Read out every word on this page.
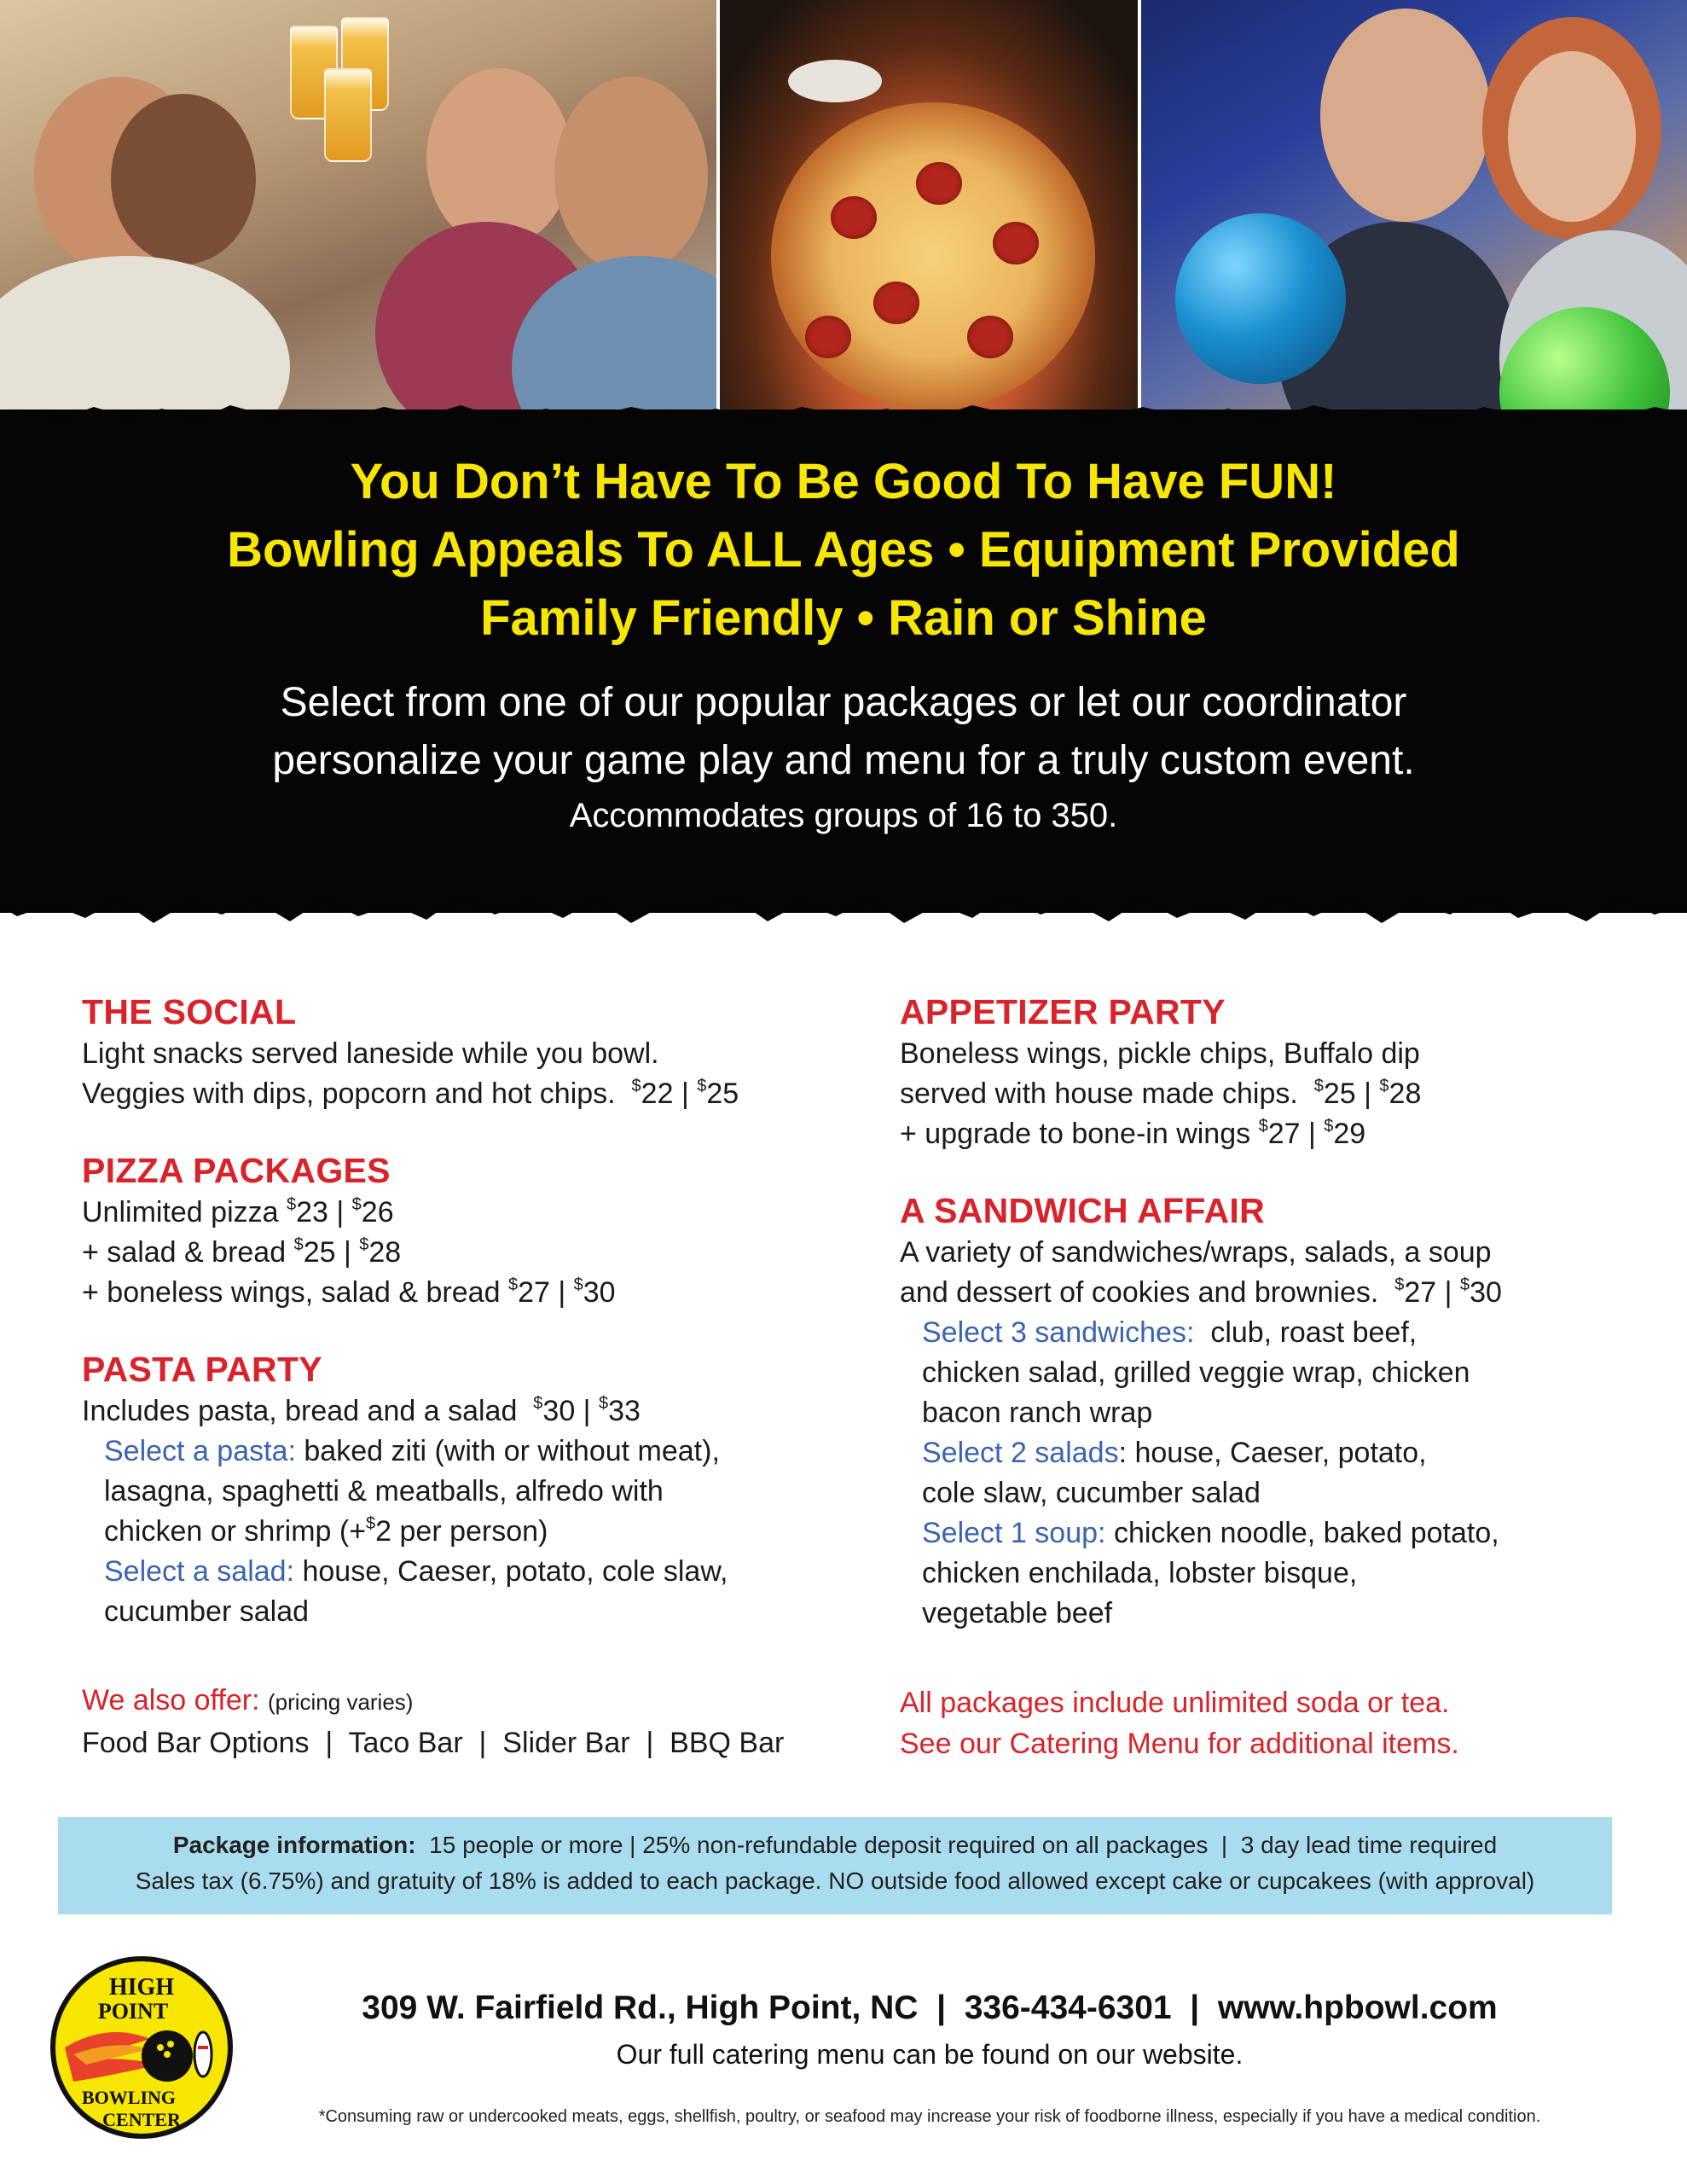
You Don’t Have To Be Good To Have FUN!
Bowling Appeals To ALL Ages • Equipment Provided
Family Friendly • Rain or Shine
Select from one of our popular packages or let our coordinator
personalize your game play and menu for a truly custom event.
Accommodates groups of 16 to 350.
THE SOCIAL
Light snacks served laneside while you bowl.
Veggies with dips, popcorn and hot chips. $22 | $25
PIZZA PACKAGES
Unlimited pizza $23 | $26
+ salad & bread $25 | $28
+ boneless wings, salad & bread $27 | $30
PASTA PARTY
Includes pasta, bread and a salad $30 | $33
Select a pasta: baked ziti (with or without meat),
lasagna, spaghetti & meatballs, alfredo with
chicken or shrimp (+$2 per person)
Select a salad: house, Caeser, potato, cole slaw,
cucumber salad
APPETIZER PARTY
Boneless wings, pickle chips, Buffalo dip
served with house made chips. $25 | $28
+ upgrade to bone-in wings $27 | $29
A SANDWICH AFFAIR
A variety of sandwiches/wraps, salads, a soup
and dessert of cookies and brownies. $27 | $30
Select 3 sandwiches: club, roast beef,
chicken salad, grilled veggie wrap, chicken
bacon ranch wrap
Select 2 salads: house, Caeser, potato,
cole slaw, cucumber salad
Select 1 soup: chicken noodle, baked potato,
chicken enchilada, lobster bisque,
vegetable beef
We also offer: (pricing varies)
Food Bar Options  |  Taco Bar  |  Slider Bar  |  BBQ Bar
All packages include unlimited soda or tea.
See our Catering Menu for additional items.
Package information: 15 people or more | 25% non-refundable deposit required on all packages  |  3 day lead time required
Sales tax (6.75%) and gratuity of 18% is added to each package. NO outside food allowed except cake or cupcakees (with approval)
HIGH
POINT
BOWLING
CENTER
309 W. Fairfield Rd., High Point, NC  |  336-434-6301  |  www.hpbowl.com
Our full catering menu can be found on our website.
*Consuming raw or undercooked meats, eggs, shellfish, poultry, or seafood may increase your risk of foodborne illness, especially if you have a medical condition.
